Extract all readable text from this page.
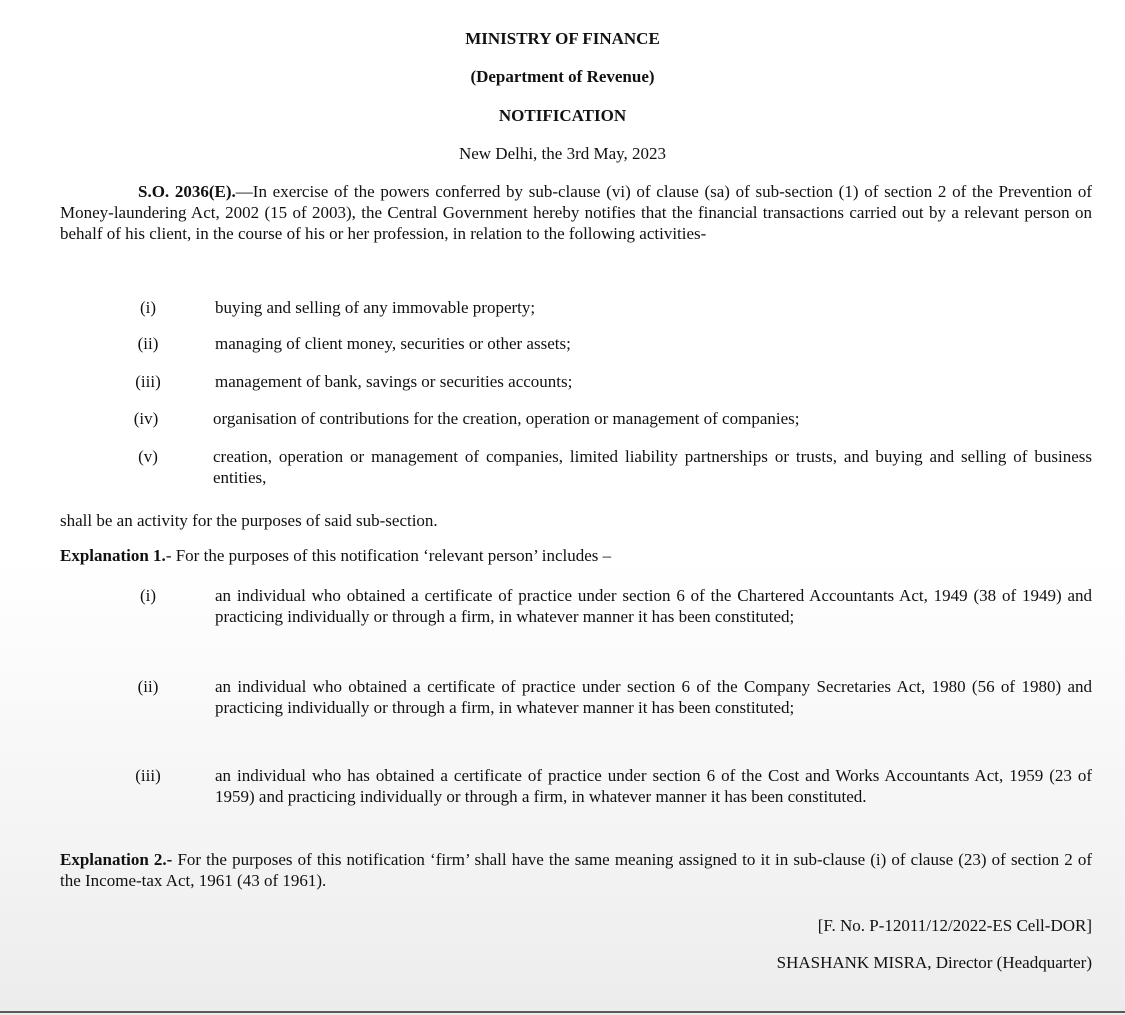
MINISTRY OF FINANCE
(Department of Revenue)
NOTIFICATION
New Delhi, the 3rd May, 2023
S.O. 2036(E).—In exercise of the powers conferred by sub-clause (vi) of clause (sa) of sub-section (1) of section 2 of the Prevention of Money-laundering Act, 2002 (15 of 2003), the Central Government hereby notifies that the financial transactions carried out by a relevant person on behalf of his client, in the course of his or her profession, in relation to the following activities-
(i)	buying and selling of any immovable property;
(ii)	managing of client money, securities or other assets;
(iii)	management of bank, savings or securities accounts;
(iv)	organisation of contributions for the creation, operation or management of companies;
(v)	creation, operation or management of companies, limited liability partnerships or trusts, and buying and selling of business entities,
shall be an activity for the purposes of said sub-section.
Explanation 1.- For the purposes of this notification ‘relevant person’ includes –
(i)	an individual who obtained a certificate of practice under section 6 of the Chartered Accountants Act, 1949 (38 of 1949) and practicing individually or through a firm, in whatever manner it has been constituted;
(ii)	an individual who obtained a certificate of practice under section 6 of the Company Secretaries Act, 1980 (56 of 1980) and practicing individually or through a firm, in whatever manner it has been constituted;
(iii)	an individual who has obtained a certificate of practice under section 6 of the Cost and Works Accountants Act, 1959 (23 of 1959) and practicing individually or through a firm, in whatever manner it has been constituted.
Explanation 2.- For the purposes of this notification ‘firm’ shall have the same meaning assigned to it in sub-clause (i) of clause (23) of section 2 of the Income-tax Act, 1961 (43 of 1961).
[F. No. P-12011/12/2022-ES Cell-DOR]
SHASHANK MISRA, Director (Headquarter)
